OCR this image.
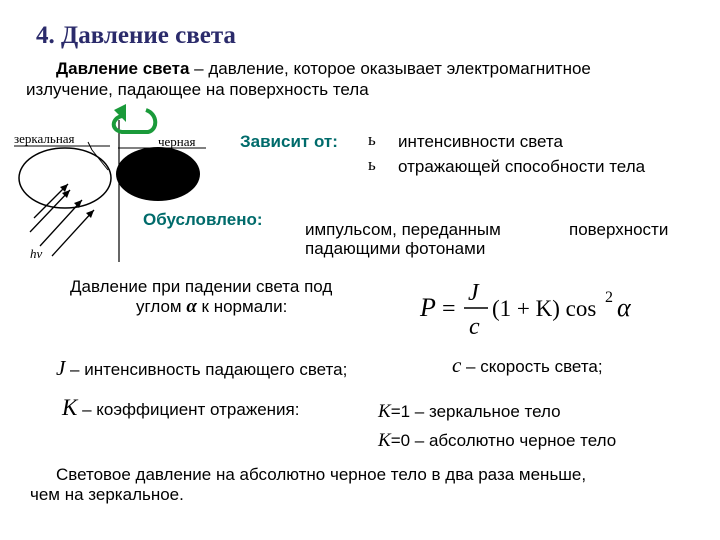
4. Давление света
Давление света – давление, которое оказывает электромагнитное
излучение, падающее на поверхность тела
зеркальная	черная
hν
Зависит от: ь интенсивности света
ь отражающей способности тела
Обусловлено:
импульсом, переданным	поверхности
падающими фотонами
Давление при падении света под
углом α к нормали:	P =
J
c
(1 + K) cos 2 α
J – интенсивность падающего света;	c – скорость света;
K – коэффициент отражения:	K=1 – зеркальное тело
K=0 – абсолютно черное тело
Световое давление на абсолютно черное тело в два раза меньше,
чем на зеркальное.
